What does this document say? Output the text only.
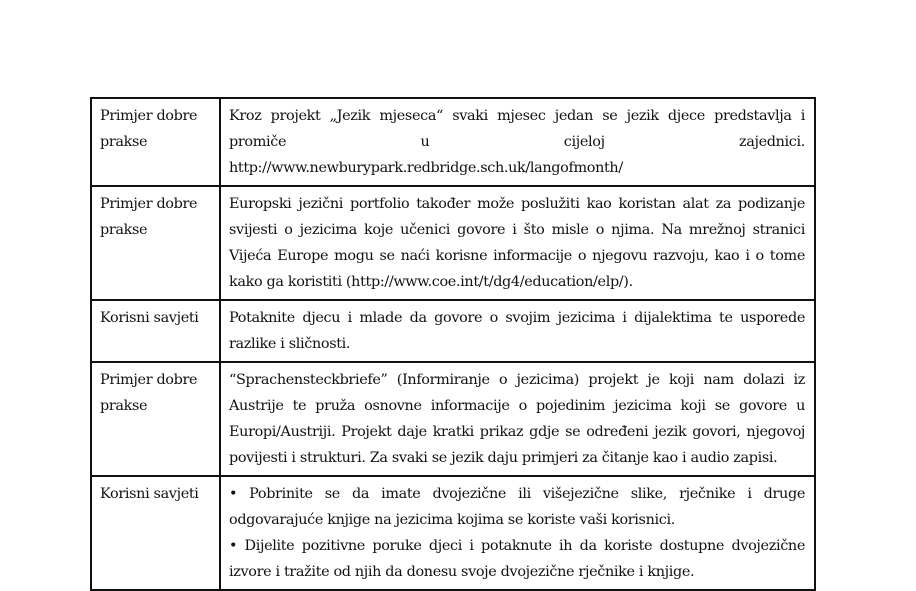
Primjer dobre prakse	Kroz projekt „Jezik mjeseca“ svaki mjesec jedan se jezik djece predstavlja i promiče u cijeloj zajednici. http://www.newburypark.redbridge.sch.uk/langofmonth/

Primjer dobre prakse	Europski jezični portfolio također može poslužiti kao koristan alat za podizanje svijesti o jezicima koje učenici govore i što misle o njima. Na mrežnoj stranici Vijeća Europe mogu se naći korisne informacije o njegovu razvoju, kao i o tome kako ga koristiti (http://www.coe.int/t/dg4/education/elp/).

Korisni savjeti	Potaknite djecu i mlade da govore o svojim jezicima i dijalektima te usporede razlike i sličnosti.

Primjer dobre prakse	“Sprachensteckbriefe” (Informiranje o jezicima) projekt je koji nam dolazi iz Austrije te pruža osnovne informacije o pojedinim jezicima koji se govore u Europi/Austriji. Projekt daje kratki prikaz gdje se određeni jezik govori, njegovoj povijesti i strukturi. Za svaki se jezik daju primjeri za čitanje kao i audio zapisi.

Korisni savjeti	• Pobrinite se da imate dvojezične ili višejezične slike, rječnike i druge odgovarajuće knjige na jezicima kojima se koriste vaši korisnici.
• Dijelite pozitivne poruke djeci i potaknute ih da koriste dostupne dvojezične izvore i tražite od njih da donesu svoje dvojezične rječnike i knjige.
